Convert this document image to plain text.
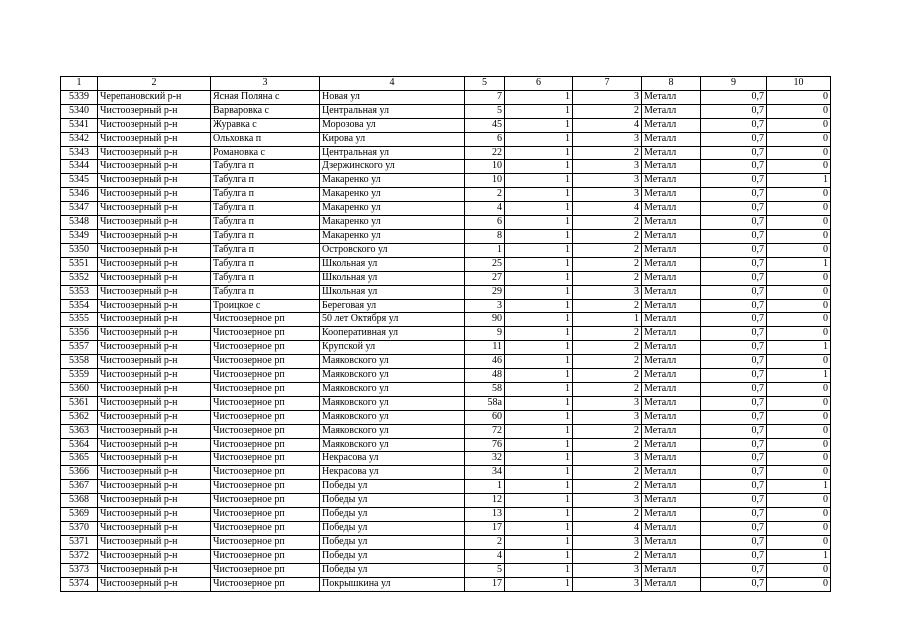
1	2	3	4	5	6	7	8	9	10
5339	Черепановский р-н	Ясная Поляна с	Новая ул	7	1	3	Металл	0,7	0
5340	Чистоозерный р-н	Варваровка с	Центральная ул	5	1	2	Металл	0,7	0
5341	Чистоозерный р-н	Журавка с	Морозова ул	45	1	4	Металл	0,7	0
5342	Чистоозерный р-н	Ольховка п	Кирова ул	6	1	3	Металл	0,7	0
5343	Чистоозерный р-н	Романовка с	Центральная ул	22	1	2	Металл	0,7	0
5344	Чистоозерный р-н	Табулга п	Дзержинского ул	10	1	3	Металл	0,7	0
5345	Чистоозерный р-н	Табулга п	Макаренко ул	10	1	3	Металл	0,7	1
5346	Чистоозерный р-н	Табулга п	Макаренко ул	2	1	3	Металл	0,7	0
5347	Чистоозерный р-н	Табулга п	Макаренко ул	4	1	4	Металл	0,7	0
5348	Чистоозерный р-н	Табулга п	Макаренко ул	6	1	2	Металл	0,7	0
5349	Чистоозерный р-н	Табулга п	Макаренко ул	8	1	2	Металл	0,7	0
5350	Чистоозерный р-н	Табулга п	Островского ул	1	1	2	Металл	0,7	0
5351	Чистоозерный р-н	Табулга п	Школьная ул	25	1	2	Металл	0,7	1
5352	Чистоозерный р-н	Табулга п	Школьная ул	27	1	2	Металл	0,7	0
5353	Чистоозерный р-н	Табулга п	Школьная ул	29	1	3	Металл	0,7	0
5354	Чистоозерный р-н	Троицкое с	Береговая ул	3	1	2	Металл	0,7	0
5355	Чистоозерный р-н	Чистоозерное рп	50 лет Октября ул	90	1	1	Металл	0,7	0
5356	Чистоозерный р-н	Чистоозерное рп	Кооперативная ул	9	1	2	Металл	0,7	0
5357	Чистоозерный р-н	Чистоозерное рп	Крупской ул	11	1	2	Металл	0,7	1
5358	Чистоозерный р-н	Чистоозерное рп	Маяковского ул	46	1	2	Металл	0,7	0
5359	Чистоозерный р-н	Чистоозерное рп	Маяковского ул	48	1	2	Металл	0,7	1
5360	Чистоозерный р-н	Чистоозерное рп	Маяковского ул	58	1	2	Металл	0,7	0
5361	Чистоозерный р-н	Чистоозерное рп	Маяковского ул	58а	1	3	Металл	0,7	0
5362	Чистоозерный р-н	Чистоозерное рп	Маяковского ул	60	1	3	Металл	0,7	0
5363	Чистоозерный р-н	Чистоозерное рп	Маяковского ул	72	1	2	Металл	0,7	0
5364	Чистоозерный р-н	Чистоозерное рп	Маяковского ул	76	1	2	Металл	0,7	0
5365	Чистоозерный р-н	Чистоозерное рп	Некрасова ул	32	1	3	Металл	0,7	0
5366	Чистоозерный р-н	Чистоозерное рп	Некрасова ул	34	1	2	Металл	0,7	0
5367	Чистоозерный р-н	Чистоозерное рп	Победы ул	1	1	2	Металл	0,7	1
5368	Чистоозерный р-н	Чистоозерное рп	Победы ул	12	1	3	Металл	0,7	0
5369	Чистоозерный р-н	Чистоозерное рп	Победы ул	13	1	2	Металл	0,7	0
5370	Чистоозерный р-н	Чистоозерное рп	Победы ул	17	1	4	Металл	0,7	0
5371	Чистоозерный р-н	Чистоозерное рп	Победы ул	2	1	3	Металл	0,7	0
5372	Чистоозерный р-н	Чистоозерное рп	Победы ул	4	1	2	Металл	0,7	1
5373	Чистоозерный р-н	Чистоозерное рп	Победы ул	5	1	3	Металл	0,7	0
5374	Чистоозерный р-н	Чистоозерное рп	Покрышкина ул	17	1	3	Металл	0,7	0
